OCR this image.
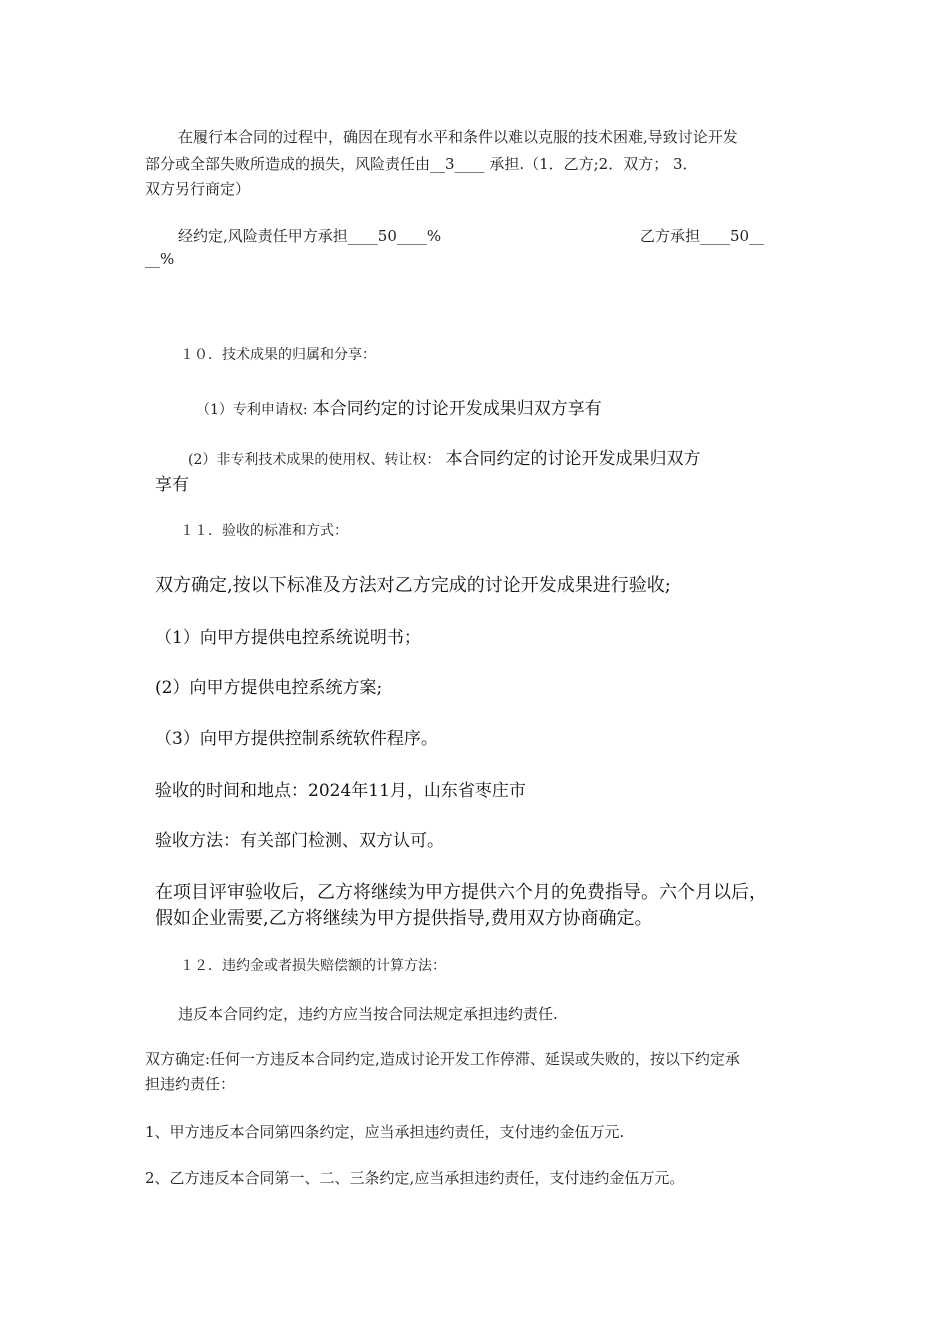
在履行本合同的过程中，确因在现有水平和条件以难以克服的技术困难,导致讨论开发

部分或全部失败所造成的损失，风险责任由__3____ 承担.（1．乙方;2．双方； 3．

双方另行商定）

经约定,风险责任甲方承担____50____%	乙方承担____50__

__%

１０．技术成果的归属和分享：

（1）专利申请权: 本合同约定的讨论开发成果归双方享有

(2）非专利技术成果的使用权、转让权： 本合同约定的讨论开发成果归双方

享有

１１．验收的标准和方式：

双方确定,按以下标准及方法对乙方完成的讨论开发成果进行验收;

（1）向甲方提供电控系统说明书；

(2）向甲方提供电控系统方案;

（3）向甲方提供控制系统软件程序。

验收的时间和地点：2024年11月，山东省枣庄市

验收方法：有关部门检测、双方认可。

在项目评审验收后，乙方将继续为甲方提供六个月的免费指导。六个月以后，

假如企业需要,乙方将继续为甲方提供指导,费用双方协商确定。

１２．违约金或者损失赔偿额的计算方法：

违反本合同约定，违约方应当按合同法规定承担违约责任.

双方确定:任何一方违反本合同约定,造成讨论开发工作停滞、延误或失败的，按以下约定承

担违约责任：

1、甲方违反本合同第四条约定，应当承担违约责任，支付违约金伍万元.

2、乙方违反本合同第一、二、三条约定,应当承担违约责任，支付违约金伍万元。
